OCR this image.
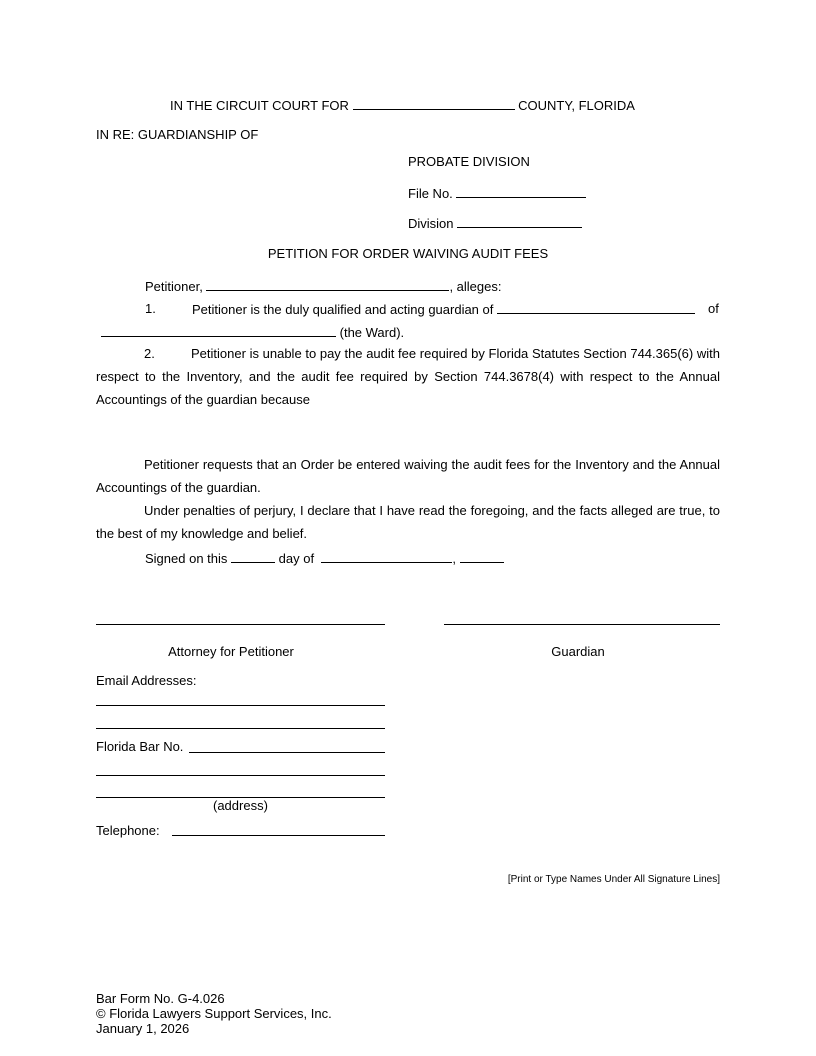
IN THE CIRCUIT COURT FOR	COUNTY, FLORIDA
IN RE: GUARDIANSHIP OF
PROBATE DIVISION
File No.
Division
PETITION FOR ORDER WAIVING AUDIT FEES
Petitioner,	, alleges:
1.	Petitioner is the duly qualified and acting guardian of	of
(the Ward).
2.	Petitioner is unable to pay the audit fee required by Florida Statutes Section 744.365(6) with respect to the Inventory, and the audit fee required by Section 744.3678(4) with respect to the Annual Accountings of the guardian because
Petitioner requests that an Order be entered waiving the audit fees for the Inventory and the Annual Accountings of the guardian.
Under penalties of perjury, I declare that I have read the foregoing, and the facts alleged are true, to the best of my knowledge and belief.
Signed on this	day of	,
Attorney for Petitioner	Guardian
Email Addresses:
Florida Bar No.
(address)
Telephone:
[Print or Type Names Under All Signature Lines]
Bar Form No. G-4.026
© Florida Lawyers Support Services, Inc.
January 1, 2026
